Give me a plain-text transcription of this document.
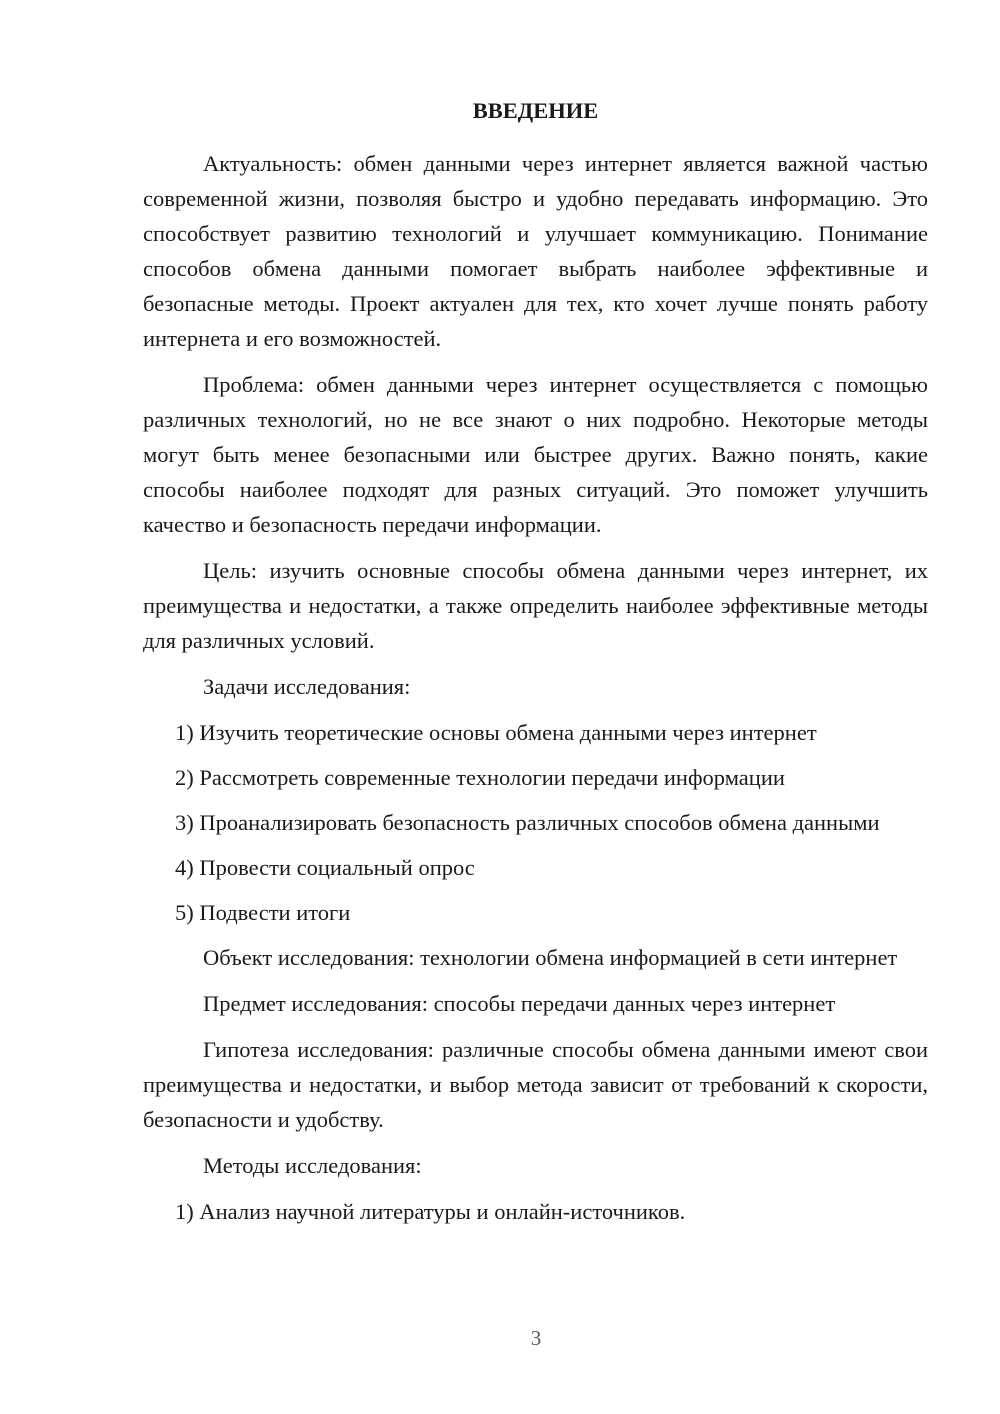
ВВЕДЕНИЕ

Актуальность: обмен данными через интернет является важной частью современной жизни, позволяя быстро и удобно передавать информацию. Это способствует развитию технологий и улучшает коммуникацию. Понимание способов обмена данными помогает выбрать наиболее эффективные и безопасные методы. Проект актуален для тех, кто хочет лучше понять работу интернета и его возможностей.

Проблема: обмен данными через интернет осуществляется с помощью различных технологий, но не все знают о них подробно. Некоторые методы могут быть менее безопасными или быстрее других. Важно понять, какие способы наиболее подходят для разных ситуаций. Это поможет улучшить качество и безопасность передачи информации.

Цель: изучить основные способы обмена данными через интернет, их преимущества и недостатки, а также определить наиболее эффективные методы для различных условий.

Задачи исследования:

1) Изучить теоретические основы обмена данными через интернет

2) Рассмотреть современные технологии передачи информации

3) Проанализировать безопасность различных способов обмена данными

4) Провести социальный опрос

5) Подвести итоги

Объект исследования: технологии обмена информацией в сети интернет

Предмет исследования: способы передачи данных через интернет

Гипотеза исследования: различные способы обмена данными имеют свои преимущества и недостатки, и выбор метода зависит от требований к скорости, безопасности и удобству.

Методы исследования:

1) Анализ научной литературы и онлайн-источников.

3
